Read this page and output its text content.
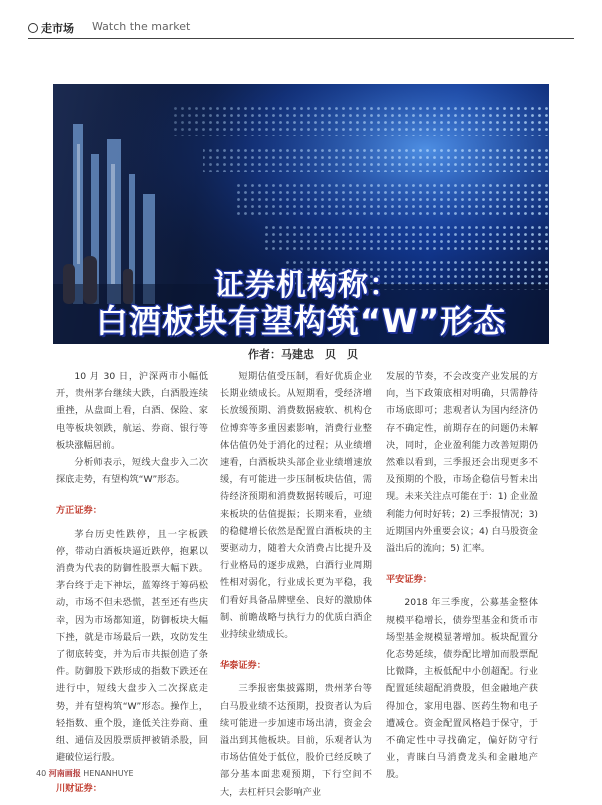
走市场 Watch the market
证券机构称：
白酒板块有望构筑“W”形态
作者：马建忠　贝　贝

10 月 30 日，沪深两市小幅低开，贵州茅台继续大跌，白酒股连续重挫，从盘面上看，白酒、保险、家电等板块领跌，航运、券商、银行等板块涨幅居前。

分析师表示，短线大盘步入二次探底走势，有望构筑“W”形态。

方正证券：

茅台历史性跌停，且一字板跌停，带动白酒板块逼近跌停，抱累以消费为代表的防御性股票大幅下跌。茅台终于走下神坛，蓝筹终于筹码松动，市场不但未恐慌，甚至还有些庆幸，因为市场都知道，防御板块大幅下挫，就是市场最后一跌，攻防发生了彻底转变，并为后市共振创造了条件。防御股下跌形成的指数下跌还在进行中，短线大盘步入二次探底走势，并有望构筑“W”形态。操作上，轻指数、重个股，逢低关注券商、重组、通信及因股票质押被销杀股，回避破位运行股。

川财证券：

短期估值受压制，看好优质企业长期业绩成长。从短期看，受经济增长放缓预期、消费数据疲软、机构仓位博弈等多重因素影响，消费行业整体估值仍处于消化的过程；从业绩增速看，白酒板块头部企业业绩增速放缓，有可能进一步压制板块估值，需待经济预期和消费数据转暖后，可迎来板块的估值提振；长期来看，业绩的稳健增长依然是配置白酒板块的主要驱动力，随着大众消费占比提升及行业格局的逐步成熟，白酒行业周期性相对弱化，行业成长更为平稳，我们看好具备品牌壁垒、良好的激励体制、前瞻战略与执行力的优质白酒企业持续业绩成长。

华泰证券：

三季报密集披露期，贵州茅台等白马股业绩不达预期，投资者认为后续可能进一步加速市场出清，资金会溢出到其他板块。目前，乐观者认为市场估值处于低位，股价已经反映了部分基本面悲观预期，下行空间不大，去杠杆只会影响产业

发展的节奏，不会改变产业发展的方向，当下政策底相对明确，只需静待市场底即可；悲观者认为国内经济仍存不确定性，前期存在的问题仍未解决，同时，企业盈利能力改善短期仍然难以看到，三季报还会出现更多不及预期的个股，市场企稳信号暂未出现。未来关注点可能在于：1) 企业盈利能力何时好转；2) 三季报情况；3) 近期国内外重要会议；4) 白马股资金溢出后的流向；5) 汇率。

平安证券：

2018 年三季度，公募基金整体规模平稳增长，债券型基金和货币市场型基金规模显著增加。板块配置分化态势延续，债券配比增加而股票配比微降，主板低配中小创超配。行业配置延续超配消费股，但金融地产获得加仓，家用电器、医药生物和电子遭减仓。资金配置风格趋于保守，于不确定性中寻找确定，偏好防守行业，青睐白马消费龙头和金融地产股。

40 河南画报 HENANHUYE
